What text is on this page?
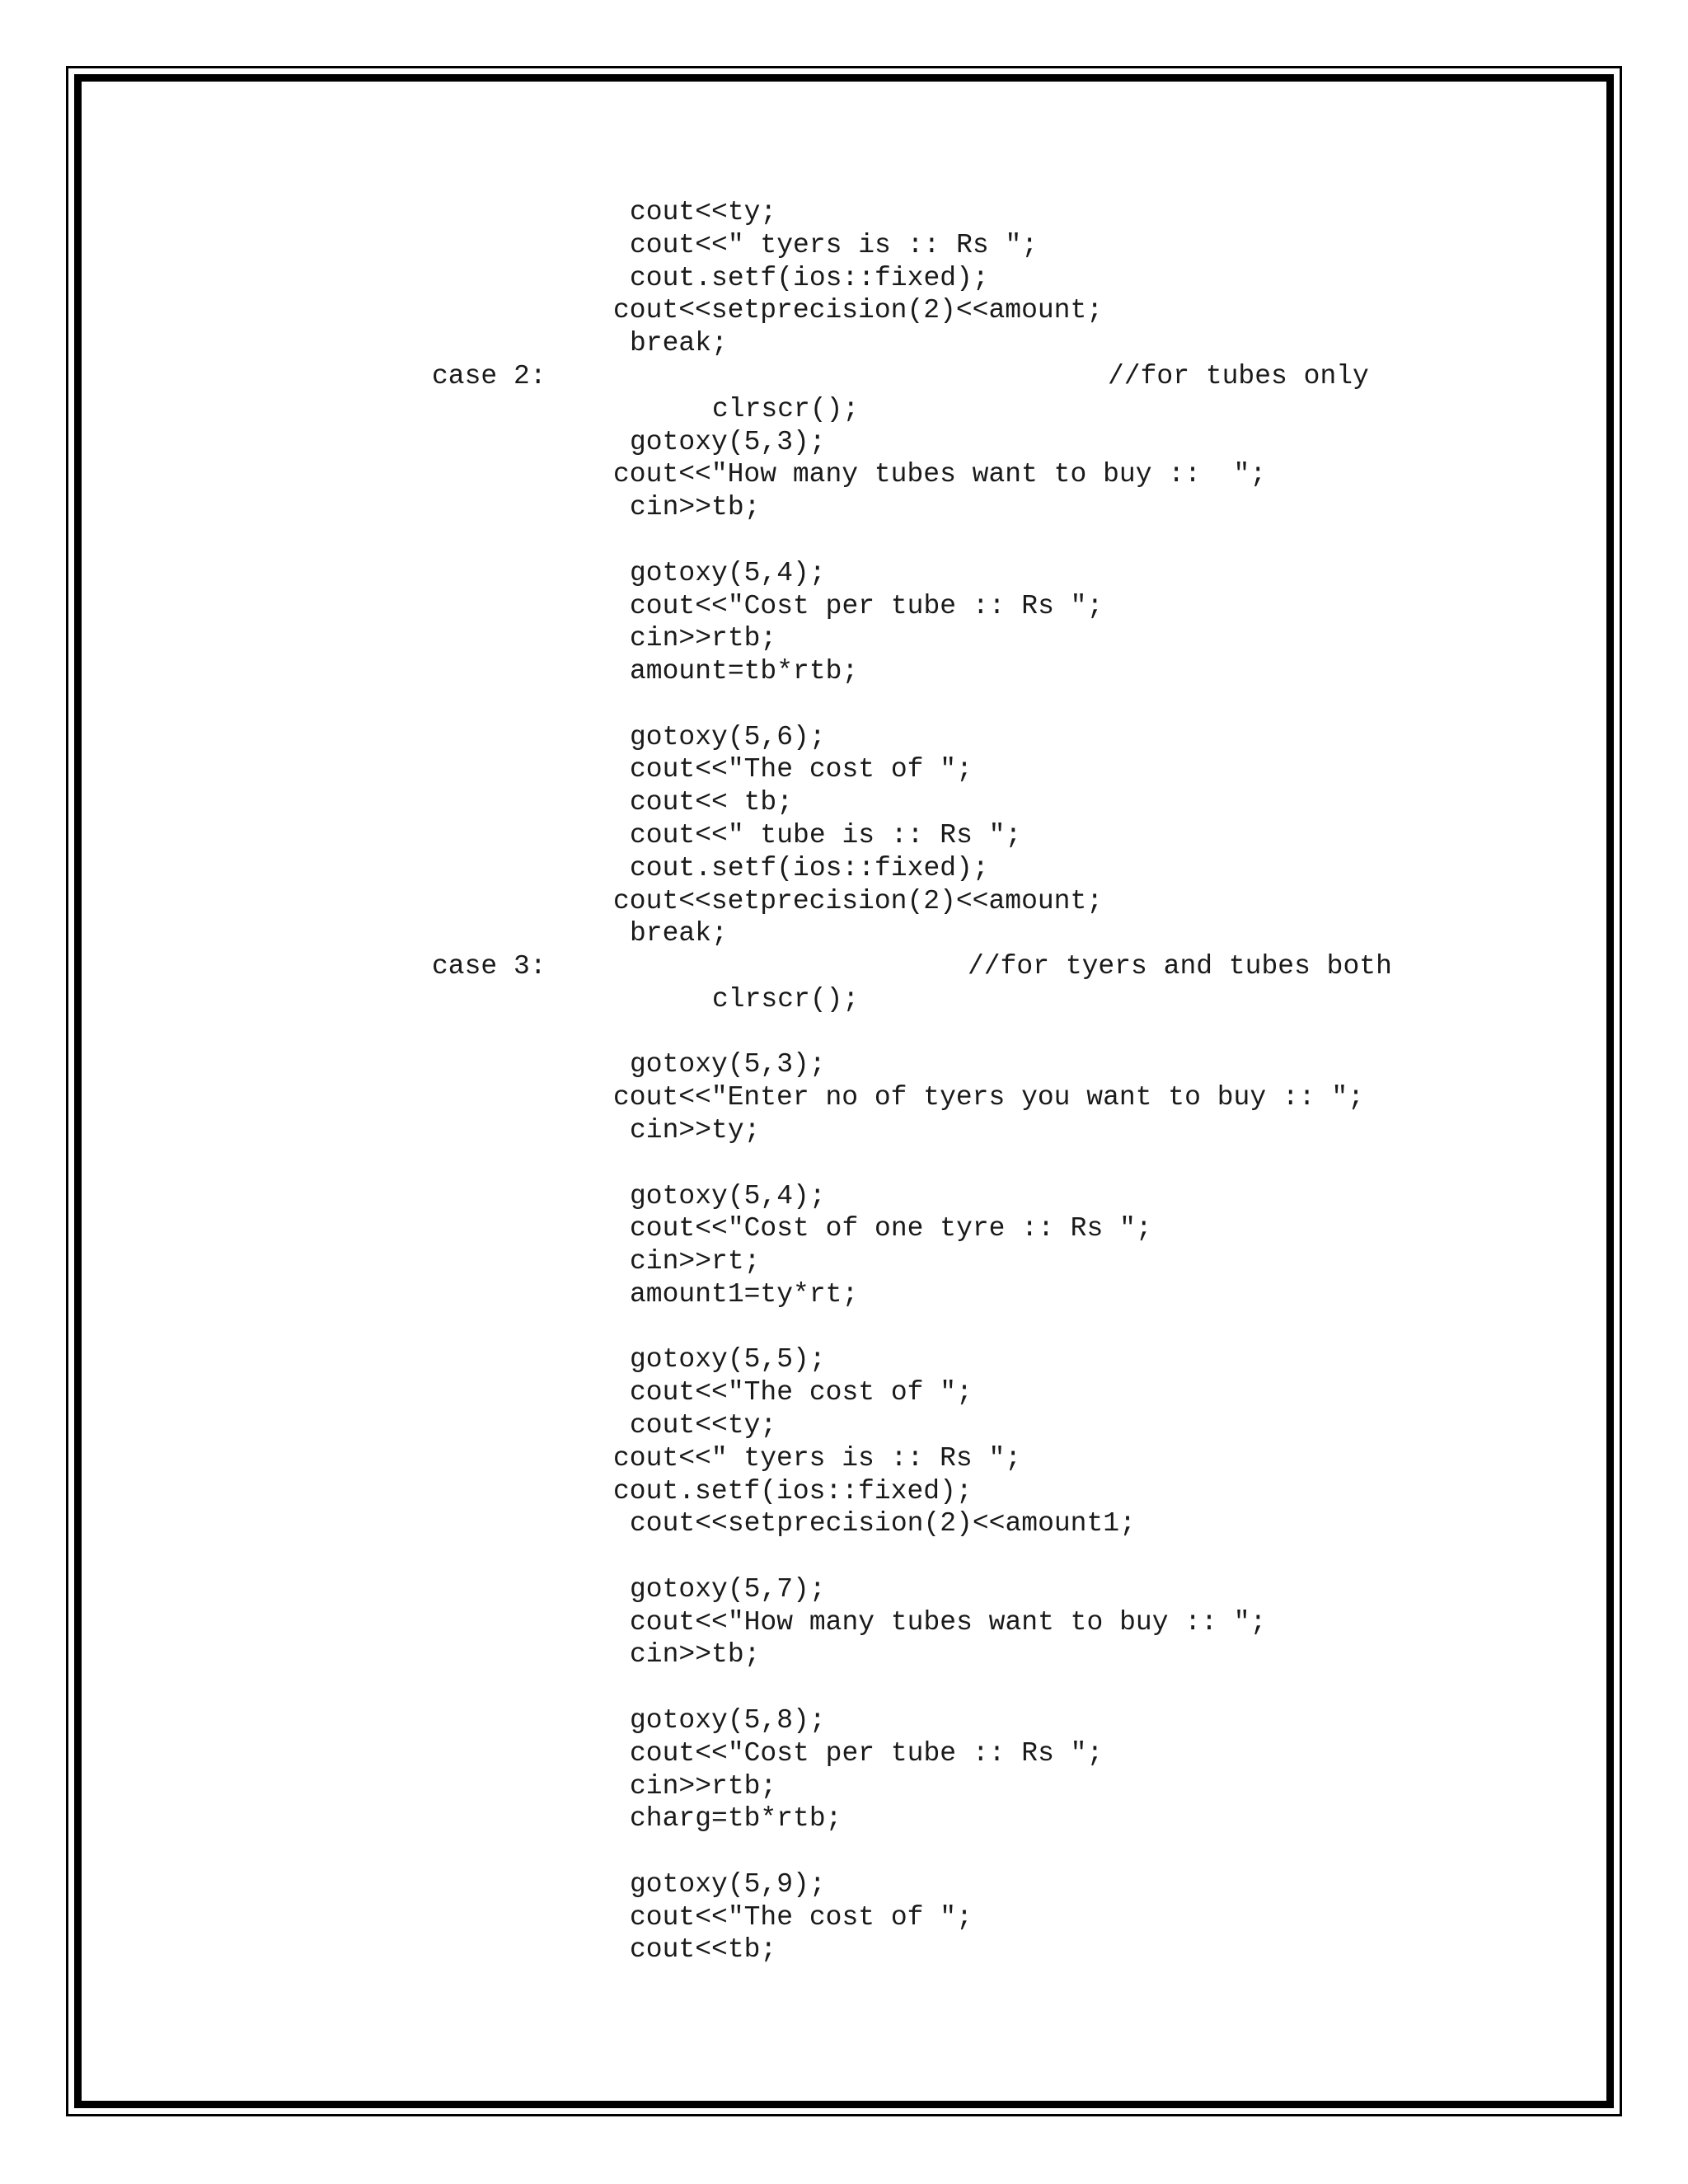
cout<<ty;
cout<<" tyers is :: Rs ";
cout.setf(ios::fixed);
cout<<setprecision(2)<<amount;
break;
case 2:	//for tubes only
clrscr();
gotoxy(5,3);
cout<<"How many tubes want to buy ::  ";
cin>>tb;
gotoxy(5,4);
cout<<"Cost per tube :: Rs ";
cin>>rtb;
amount=tb*rtb;
gotoxy(5,6);
cout<<"The cost of ";
cout<< tb;
cout<<" tube is :: Rs ";
cout.setf(ios::fixed);
cout<<setprecision(2)<<amount;
break;
case 3:	//for tyers and tubes both
clrscr();
gotoxy(5,3);
cout<<"Enter no of tyers you want to buy :: ";
cin>>ty;
gotoxy(5,4);
cout<<"Cost of one tyre :: Rs ";
cin>>rt;
amount1=ty*rt;
gotoxy(5,5);
cout<<"The cost of ";
cout<<ty;
cout<<" tyers is :: Rs ";
cout.setf(ios::fixed);
cout<<setprecision(2)<<amount1;
gotoxy(5,7);
cout<<"How many tubes want to buy :: ";
cin>>tb;
gotoxy(5,8);
cout<<"Cost per tube :: Rs ";
cin>>rtb;
charg=tb*rtb;
gotoxy(5,9);
cout<<"The cost of ";
cout<<tb;
